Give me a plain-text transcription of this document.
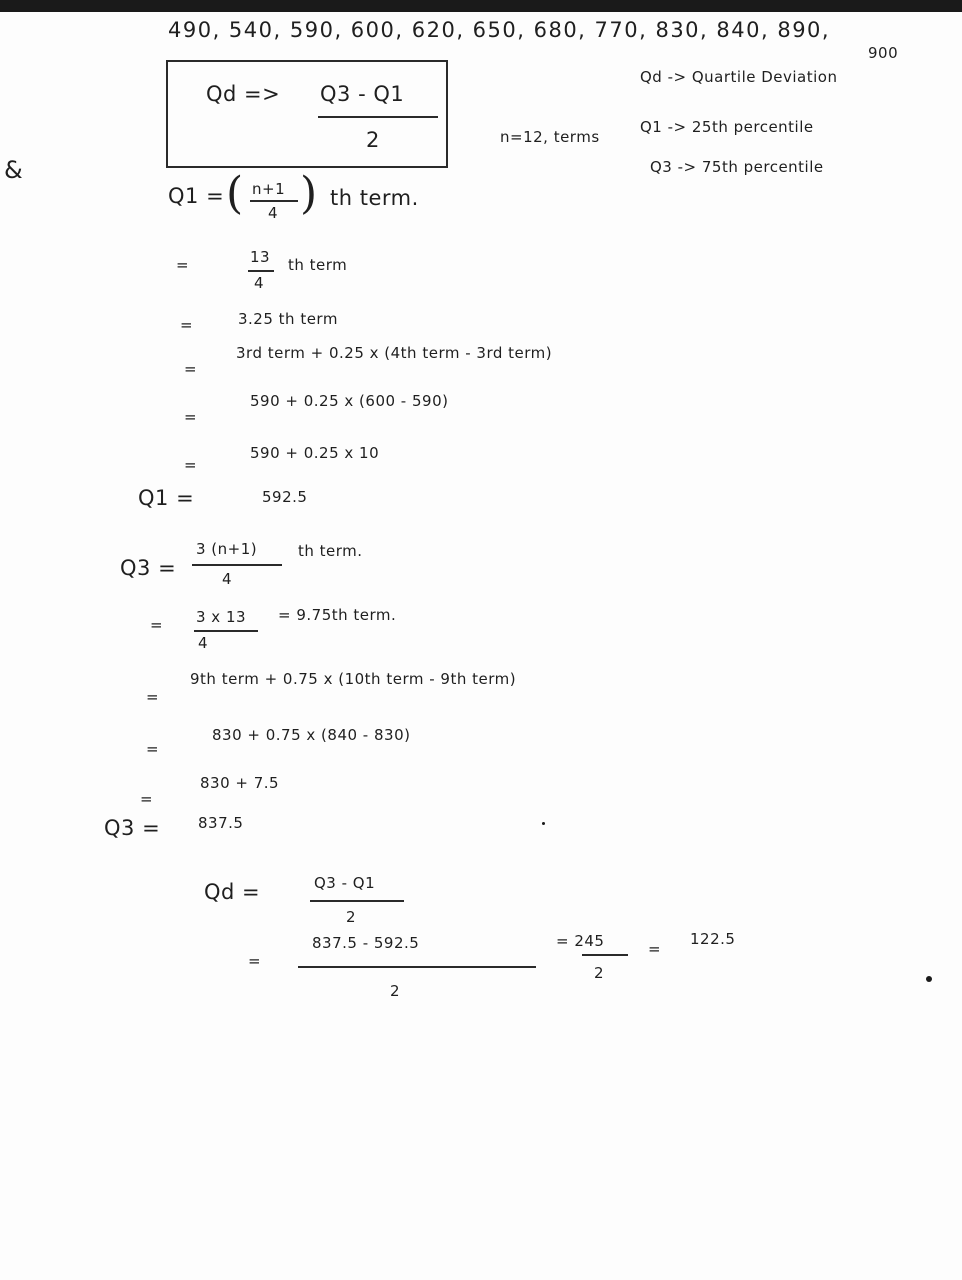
&
490, 540, 590, 600, 620, 650, 680, 770, 830, 840, 890,
900
Qd => Q3 - Q1
2
Qd -> Quartile Deviation
n=12, terms
Q1 -> 25th percentile
Q3 -> 75th percentile
Q1 = ( n+1
4 ) th term.
=	13
4
th term
=	3.25 th term
=
3rd term + 0.25 x (4th term - 3rd term)
=
590 + 0.25 x (600 - 590)
=
590 + 0.25 x 10
Q1 =	592.5
Q3 =
3 (n+1)
4
th term.
= 3 x 13
4
= 9.75th term.
=
9th term + 0.75 x (10th term - 9th term)
=
830 + 0.75 x (840 - 830)
=
830 + 7.5
Q3 =	837.5
Qd =	Q3 - Q1
2
=
837.5 - 592.5
2
= 245
2
=
122.5
